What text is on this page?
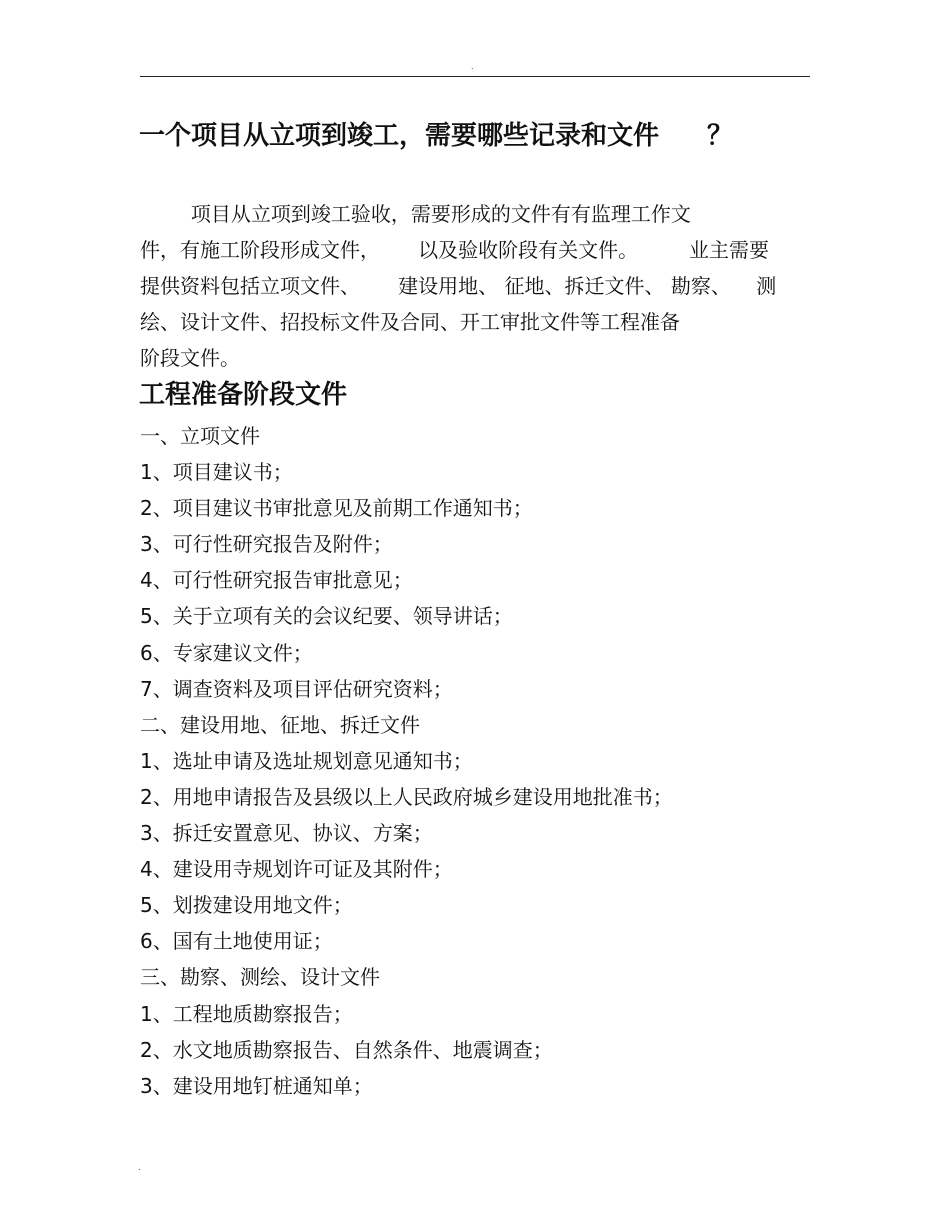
.
一个项目从立项到竣工，需要哪些记录和文件 ？
项目从立项到竣工验收，需要形成的文件有有监理工作文
件，有施工阶段形成文件，      以及验收阶段有关文件。        业主需要
提供资料包括立项文件、      建设用地、 征地、拆迁文件、 勘察、    测
绘、设计文件、招投标文件及合同、开工审批文件等工程准备
阶段文件。
工程准备阶段文件
一、立项文件
1、项目建议书；
2、项目建议书审批意见及前期工作通知书；
3、可行性研究报告及附件；
4、可行性研究报告审批意见；
5、关于立项有关的会议纪要、领导讲话；
6、专家建议文件；
7、调查资料及项目评估研究资料；
二、建设用地、征地、拆迁文件
1、选址申请及选址规划意见通知书；
2、用地申请报告及县级以上人民政府城乡建设用地批准书；
3、拆迁安置意见、协议、方案；
4、建设用寺规划许可证及其附件；
5、划拨建设用地文件；
6、国有土地使用证；
三、勘察、测绘、设计文件
1、工程地质勘察报告；
2、水文地质勘察报告、自然条件、地震调查；
3、建设用地钉桩通知单；
.
